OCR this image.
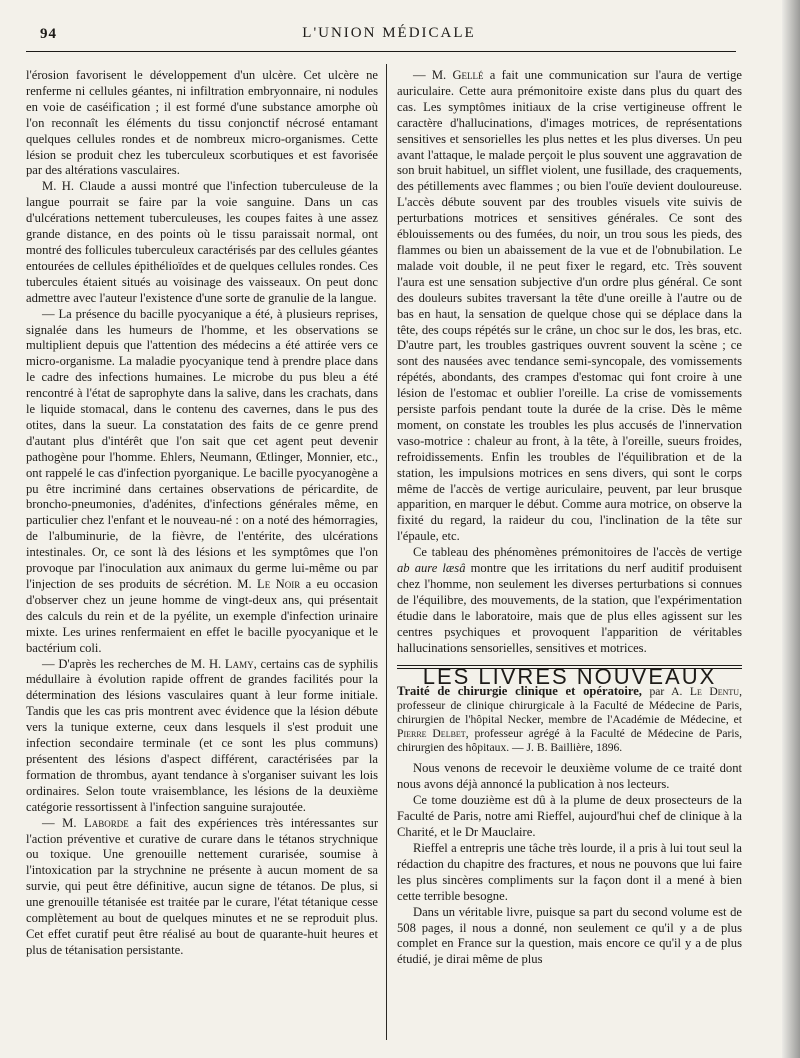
94	L'UNION MÉDICALE

l'érosion favorisent le développement d'un ulcère. Cet ulcère ne renferme ni cellules géantes, ni infiltration embryonnaire, ni nodules en voie de caséification ; il est formé d'une substance amorphe où l'on reconnaît les éléments du tissu conjonctif nécrosé entamant quelques cellules rondes et de nombreux micro-organismes. Cette lésion se produit chez les tuberculeux scorbutiques et est favorisée par des altérations vasculaires.

M. H. Claude a aussi montré que l'infection tuberculeuse de la langue pourrait se faire par la voie sanguine. Dans un cas d'ulcérations nettement tuberculeuses, les coupes faites à une assez grande distance, en des points où le tissu paraissait normal, ont montré des follicules tuberculeux caractérisés par des cellules géantes entourées de cellules épithélioïdes et de quelques cellules rondes. Ces tubercules étaient situés au voisinage des vaisseaux. On peut donc admettre avec l'auteur l'existence d'une sorte de granulie de la langue.

— La présence du bacille pyocyanique a été, à plusieurs reprises, signalée dans les humeurs de l'homme, et les observations se multiplient depuis que l'attention des médecins a été attirée vers ce micro-organisme. La maladie pyocyanique tend à prendre place dans le cadre des infections humaines. Le microbe du pus bleu a été rencontré à l'état de saprophyte dans la salive, dans les crachats, dans le liquide stomacal, dans le contenu des cavernes, dans le pus des otites, dans la sueur. La constatation des faits de ce genre prend d'autant plus d'intérêt que l'on sait que cet agent peut devenir pathogène pour l'homme. Ehlers, Neumann, Œtlinger, Monnier, etc., ont rappelé le cas d'infection pyorganique. Le bacille pyocyanogène a pu être incriminé dans certaines observations de péricardite, de broncho-pneumonies, d'adénites, d'infections générales même, en particulier chez l'enfant et le nouveau-né : on a noté des hémorragies, de l'albuminurie, de la fièvre, de l'entérite, des ulcérations intestinales. Or, ce sont là des lésions et les symptômes que l'on provoque par l'inoculation aux animaux du germe lui-même ou par l'injection de ses produits de sécrétion. M. Le Noir a eu occasion d'observer chez un jeune homme de vingt-deux ans, qui présentait des calculs du rein et de la pyélite, un exemple d'infection urinaire mixte. Les urines renfermaient en effet le bacille pyocyanique et le bactérium coli.

— D'après les recherches de M. H. Lamy, certains cas de syphilis médullaire à évolution rapide offrent de grandes facilités pour la détermination des lésions vasculaires quant à leur forme initiale. Tandis que les cas pris montrent avec évidence que la lésion débute vers la tunique externe, ceux dans lesquels il s'est produit une infection secondaire terminale (et ce sont les plus communs) présentent des lésions d'aspect différent, caractérisées par la formation de thrombus, ayant tendance à s'organiser suivant les lois ordinaires. Selon toute vraisemblance, les lésions de la deuxième catégorie ressortissent à l'infection sanguine surajoutée.

— M. Laborde a fait des expériences très intéressantes sur l'action préventive et curative de curare dans le tétanos strychnique ou toxique. Une grenouille nettement curarisée, soumise à l'intoxication par la strychnine ne présente à aucun moment de sa survie, qui peut être définitive, aucun signe de tétanos. De plus, si une grenouille tétanisée est traitée par le curare, l'état tétanique cesse complètement au bout de quelques minutes et ne se reproduit plus. Cet effet curatif peut être réalisé au bout de quarante-huit heures et plus de tétanisation persistante.

— M. Gellé a fait une communication sur l'aura de vertige auriculaire. Cette aura prémonitoire existe dans plus du quart des cas. Les symptômes initiaux de la crise vertigineuse offrent le caractère d'hallucinations, d'images motrices, de représentations sensitives et sensorielles les plus nettes et les plus diverses. Un peu avant l'attaque, le malade perçoit le plus souvent une aggravation de son bruit habituel, un sifflet violent, une fusillade, des craquements, des pétillements avec flammes ; ou bien l'ouïe devient douloureuse. L'accès débute souvent par des troubles visuels vite suivis de perturbations motrices et sensitives générales. Ce sont des éblouissements ou des fumées, du noir, un trou sous les pieds, des flammes ou bien un abaissement de la vue et de l'obnubilation. Le malade voit double, il ne peut fixer le regard, etc. Très souvent l'aura est une sensation subjective d'un ordre plus général. Ce sont des douleurs subites traversant la tête d'une oreille à l'autre ou de bas en haut, la sensation de quelque chose qui se déplace dans la tête, des coups répétés sur le crâne, un choc sur le dos, les bras, etc. D'autre part, les troubles gastriques ouvrent souvent la scène ; ce sont des nausées avec tendance semi-syncopale, des vomissements répétés, abondants, des crampes d'estomac qui font croire à une lésion de l'estomac et oublier l'oreille. La crise de vomissements persiste parfois pendant toute la durée de la crise. Dès le même moment, on constate les troubles les plus accusés de l'innervation vaso-motrice : chaleur au front, à la tête, à l'oreille, sueurs froides, refroidissements. Enfin les troubles de l'équilibration et de la station, les impulsions motrices en sens divers, qui sont le corps même de l'accès de vertige auriculaire, peuvent, par leur brusque apparition, en marquer le début. Comme aura motrice, on observe la fixité du regard, la raideur du cou, l'inclination de la tête sur l'épaule, etc.

Ce tableau des phénomènes prémonitoires de l'accès de vertige ab aure læsâ montre que les irritations du nerf auditif produisent chez l'homme, non seulement les diverses perturbations si connues de l'équilibre, des mouvements, de la station, que l'expérimentation étudie dans le laboratoire, mais que de plus elles agissent sur les centres psychiques et provoquent l'apparition de véritables hallucinations sensorielles, sensitives et motrices.

LES LIVRES NOUVEAUX

Traité de chirurgie clinique et opératoire, par A. Le Dentu, professeur de clinique chirurgicale à la Faculté de Médecine de Paris, chirurgien de l'hôpital Necker, membre de l'Académie de Médecine, et Pierre Delbet, professeur agrégé à la Faculté de Médecine de Paris, chirurgien des hôpitaux. — J. B. Baillière, 1896.

Nous venons de recevoir le deuxième volume de ce traité dont nous avons déjà annoncé la publication à nos lecteurs.

Ce tome douzième est dû à la plume de deux prosecteurs de la Faculté de Paris, notre ami Rieffel, aujourd'hui chef de clinique à la Charité, et le Dr Mauclaire.

Rieffel a entrepris une tâche très lourde, il a pris à lui tout seul la rédaction du chapitre des fractures, et nous ne pouvons que lui faire les plus sincères compliments sur la façon dont il a mené à bien cette terrible besogne.

Dans un véritable livre, puisque sa part du second volume est de 508 pages, il nous a donné, non seulement ce qu'il y a de plus complet en France sur la question, mais encore ce qu'il y a de plus étudié, je dirai même de plus
